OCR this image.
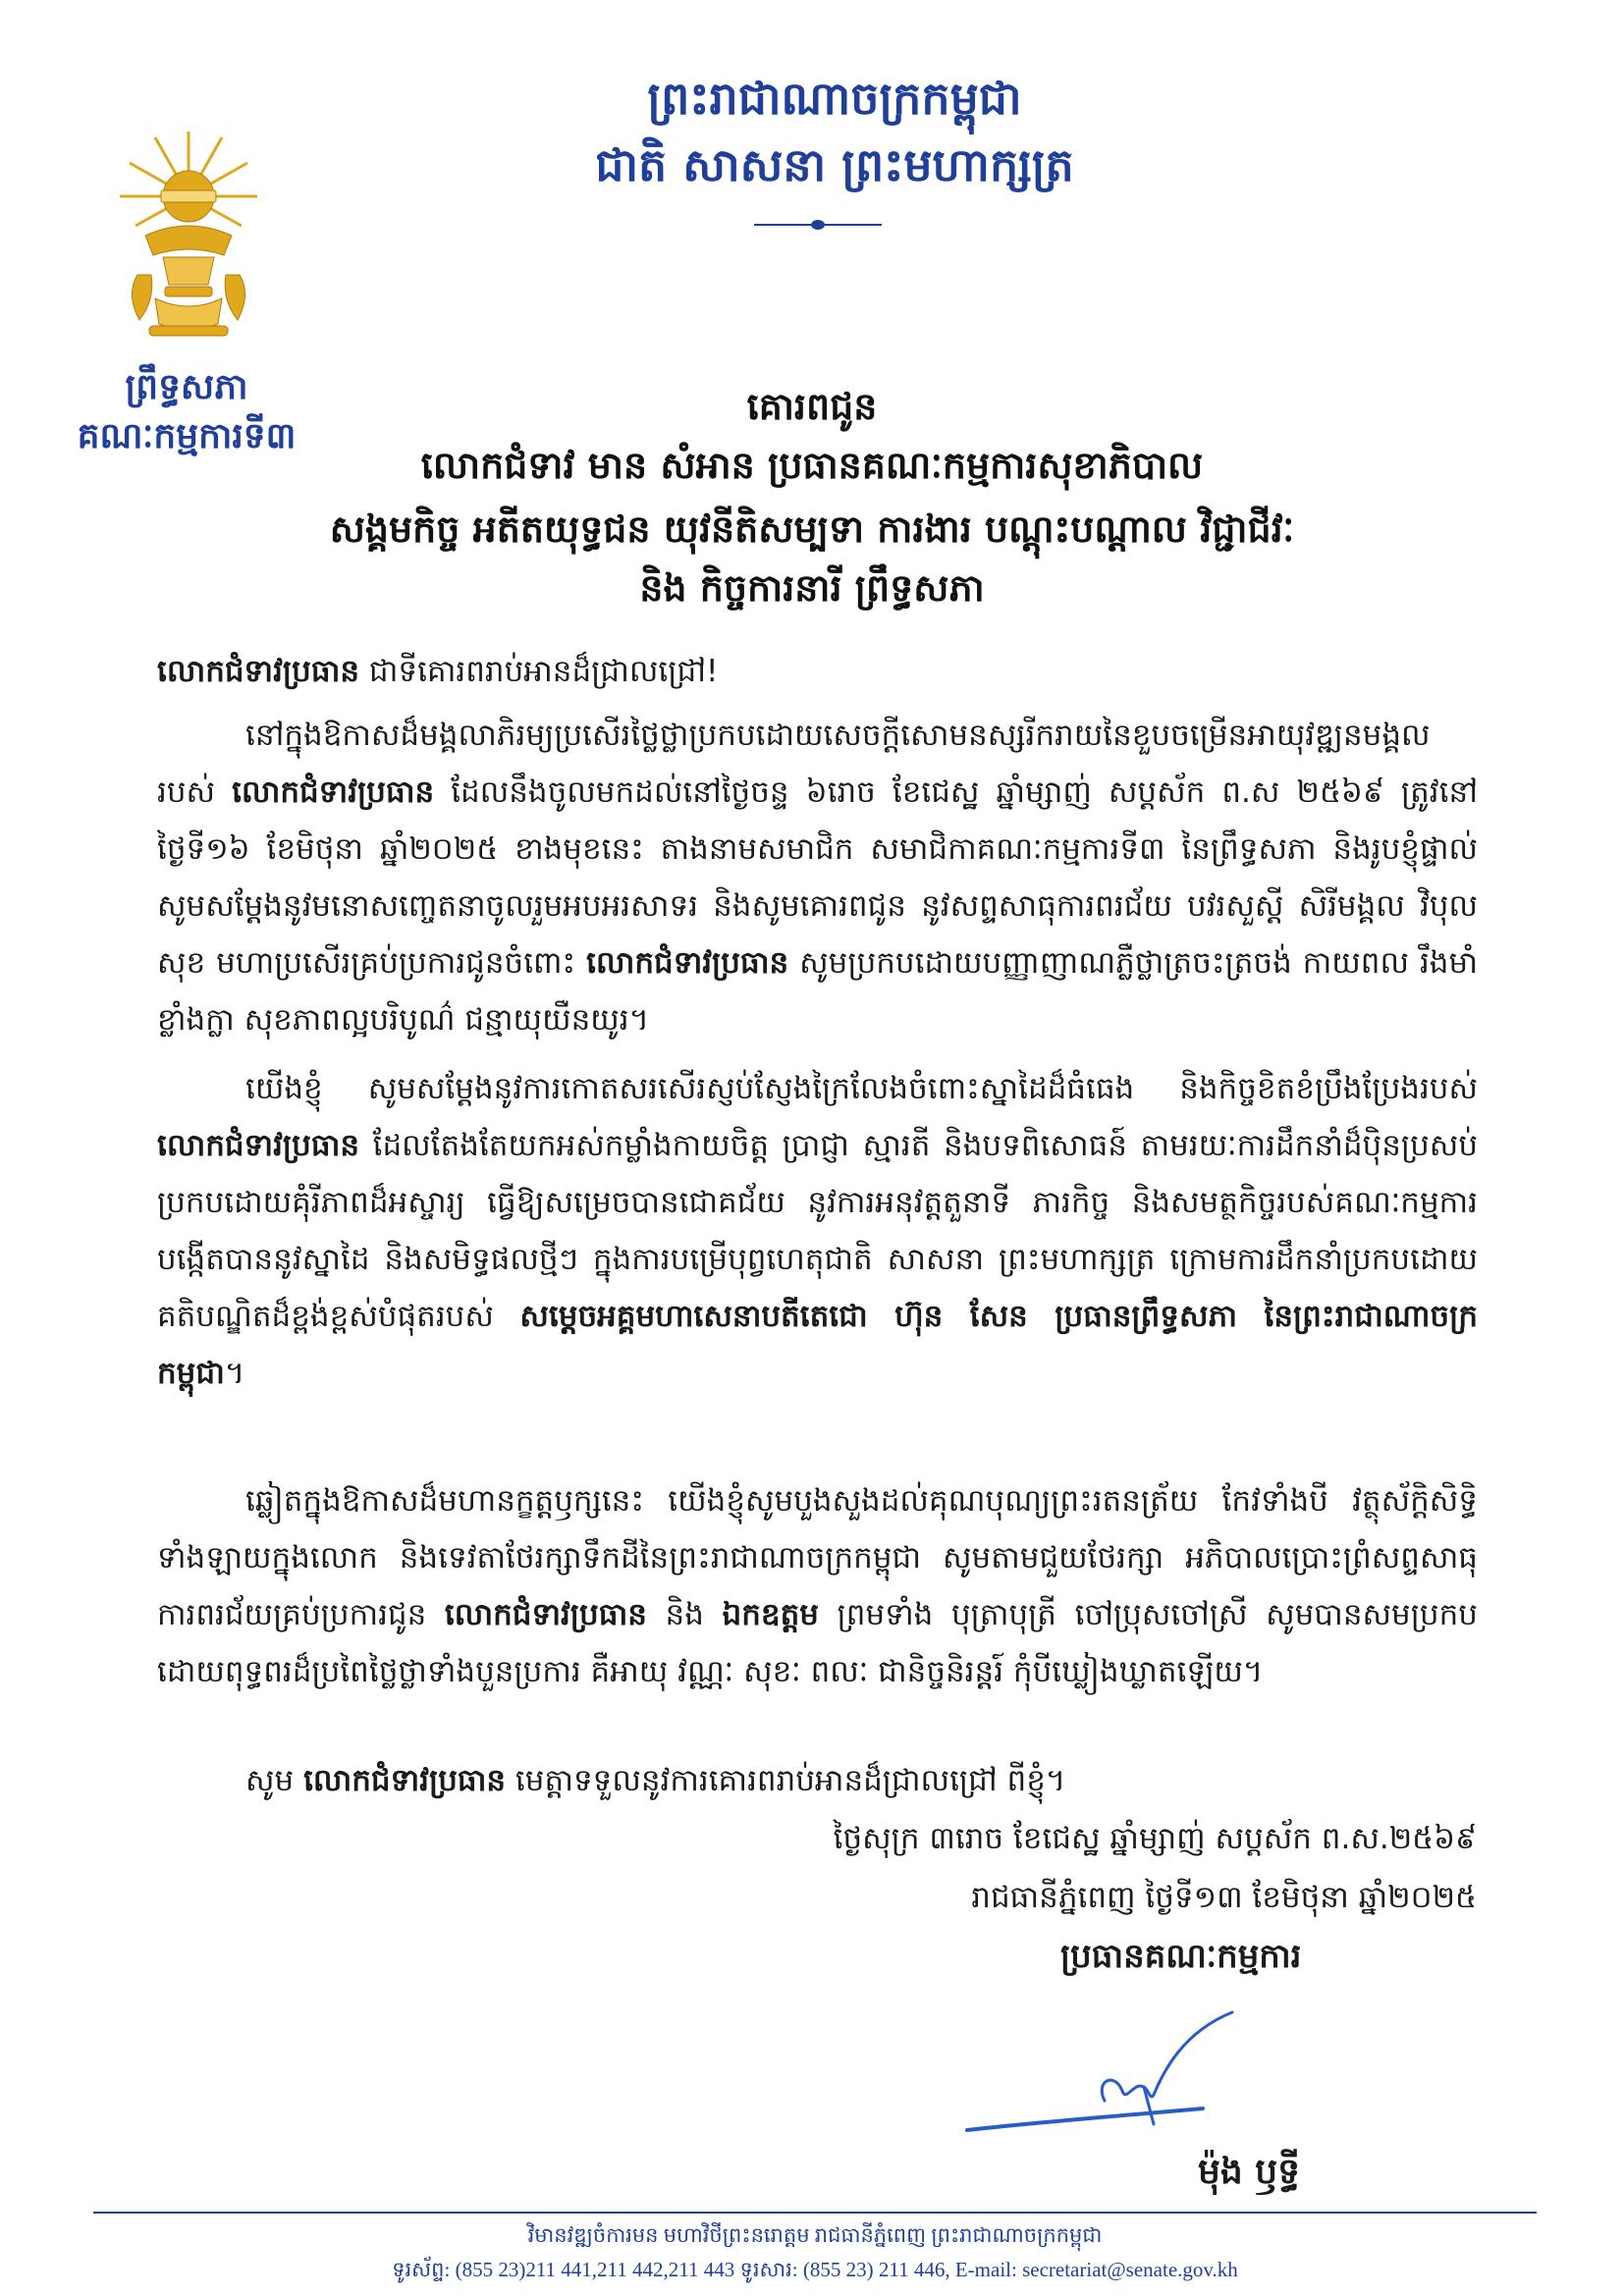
ព្រឹទ្ធសភា
គណៈកម្មការទី៣
ព្រះរាជាណាចក្រកម្ពុជា
ជាតិ សាសនា ព្រះមហាក្សត្រ
គោរពជូន
លោកជំទាវ មាន សំអាន ប្រធានគណៈកម្មការសុខាភិបាល
សង្គមកិច្ច អតីតយុទ្ធជន យុវនីតិសម្បទា ការងារ បណ្តុះបណ្តាល វិជ្ជាជីវៈ
និង កិច្ចការនារី ព្រឹទ្ធសភា
លោកជំទាវប្រធាន ជាទីគោរពរាប់អានដ៏ជ្រាលជ្រៅ!
នៅក្នុងឱកាសដ៏មង្គលាភិរម្យប្រសើរថ្លៃថ្លាប្រកបដោយសេចក្តីសោមនស្សរីករាយនៃខួបចម្រើនអាយុវឌ្ឍនមង្គលរបស់ លោកជំទាវប្រធាន ដែលនឹងចូលមកដល់នៅថ្ងៃចន្ទ ៦រោច ខែជេស្ឋ ឆ្នាំម្សាញ់ សប្តស័ក ព.ស ២៥៦៩ ត្រូវនៅថ្ងៃទី១៦ ខែមិថុនា ឆ្នាំ២០២៥ ខាងមុខនេះ តាងនាមសមាជិក សមាជិកាគណៈកម្មការទី៣ នៃព្រឹទ្ធសភា និងរូបខ្ញុំផ្ទាល់ សូមសម្តែងនូវមនោសញ្ចេតនាចូលរួមអបអរសាទរ និងសូមគោរពជូន នូវសព្ទសាធុការពរជ័យ បវរសួស្តី សិរីមង្គល វិបុលសុខ មហាប្រសើរគ្រប់ប្រការជូនចំពោះ លោកជំទាវប្រធាន សូមប្រកបដោយបញ្ញាញាណភ្លឺថ្លាត្រចះត្រចង់ កាយពល រឹងមាំខ្លាំងក្លា សុខភាពល្អបរិបូណ៌ ជន្មាយុយឺនយូរ។
យើងខ្ញុំ សូមសម្តែងនូវការកោតសរសើរស្ញប់ស្ញែងក្រៃលែងចំពោះស្នាដៃដ៏ធំធេង និងកិច្ចខិតខំប្រឹងប្រែងរបស់ លោកជំទាវប្រធាន ដែលតែងតែយកអស់កម្លាំងកាយចិត្ត ប្រាជ្ញា ស្មារតី និងបទពិសោធន៍ តាមរយៈការដឹកនាំដ៏ប៉ិនប្រសប់ប្រកបដោយគុំរីភាពដ៏អស្ចារ្យ ធ្វើឱ្យសម្រេចបានជោគជ័យ នូវការអនុវត្តតួនាទី ភារកិច្ច និងសមត្ថកិច្ចរបស់គណៈកម្មការ បង្កើតបាននូវស្នាដៃ និងសមិទ្ធផលថ្មីៗ ក្នុងការបម្រើបុព្វហេតុជាតិ សាសនា ព្រះមហាក្សត្រ ក្រោមការដឹកនាំប្រកបដោយគតិបណ្ឌិតដ៏ខ្ពង់ខ្ពស់បំផុតរបស់ សម្តេចអគ្គមហាសេនាបតីតេជោ ហ៊ុន សែន ប្រធានព្រឹទ្ធសភា នៃព្រះរាជាណាចក្រកម្ពុជា។
ឆ្លៀតក្នុងឱកាសដ៏មហានក្ខត្តឫក្សនេះ យើងខ្ញុំសូមបួងសួងដល់គុណបុណ្យព្រះរតនត្រ័យ កែវទាំងបី វត្ថុស័ក្តិសិទ្ធិទាំងឡាយក្នុងលោក និងទេវតាថែរក្សាទឹកដីនៃព្រះរាជាណាចក្រកម្ពុជា សូមតាមជួយថែរក្សា អភិបាលប្រោះព្រំសព្ទសាធុការពរជ័យគ្រប់ប្រការជូន លោកជំទាវប្រធាន និង ឯកឧត្តម ព្រមទាំង បុត្រាបុត្រី ចៅប្រុសចៅស្រី សូមបានសមប្រកបដោយពុទ្ធពរដ៏ប្រពៃថ្លៃថ្លាទាំងបួនប្រការ គឺអាយុ វណ្ណៈ សុខៈ ពលៈ ជានិច្ចនិរន្តរ៍ កុំបីឃ្លៀងឃ្លាតឡើយ។
សូម លោកជំទាវប្រធាន មេត្តាទទួលនូវការគោរពរាប់អានដ៏ជ្រាលជ្រៅ ពីខ្ញុំ។
ថ្ងៃសុក្រ ៣រោច ខែជេស្ឋ ឆ្នាំម្សាញ់ សប្តស័ក ព.ស.២៥៦៩
រាជធានីភ្នំពេញ ថ្ងៃទី១៣ ខែមិថុនា ឆ្នាំ២០២៥
ប្រធានគណៈកម្មការ
ម៉ុង ឫទ្ធី
វិមានវឌ្ឍចំការមន មហាវិថីព្រះនរោត្តម រាជធានីភ្នំពេញ ព្រះរាជាណាចក្រកម្ពុជា
ទូរស័ព្ទ: (855 23)211 441,211 442,211 443 ទូរសារ: (855 23) 211 446, E-mail: secretariat@senate.gov.kh
